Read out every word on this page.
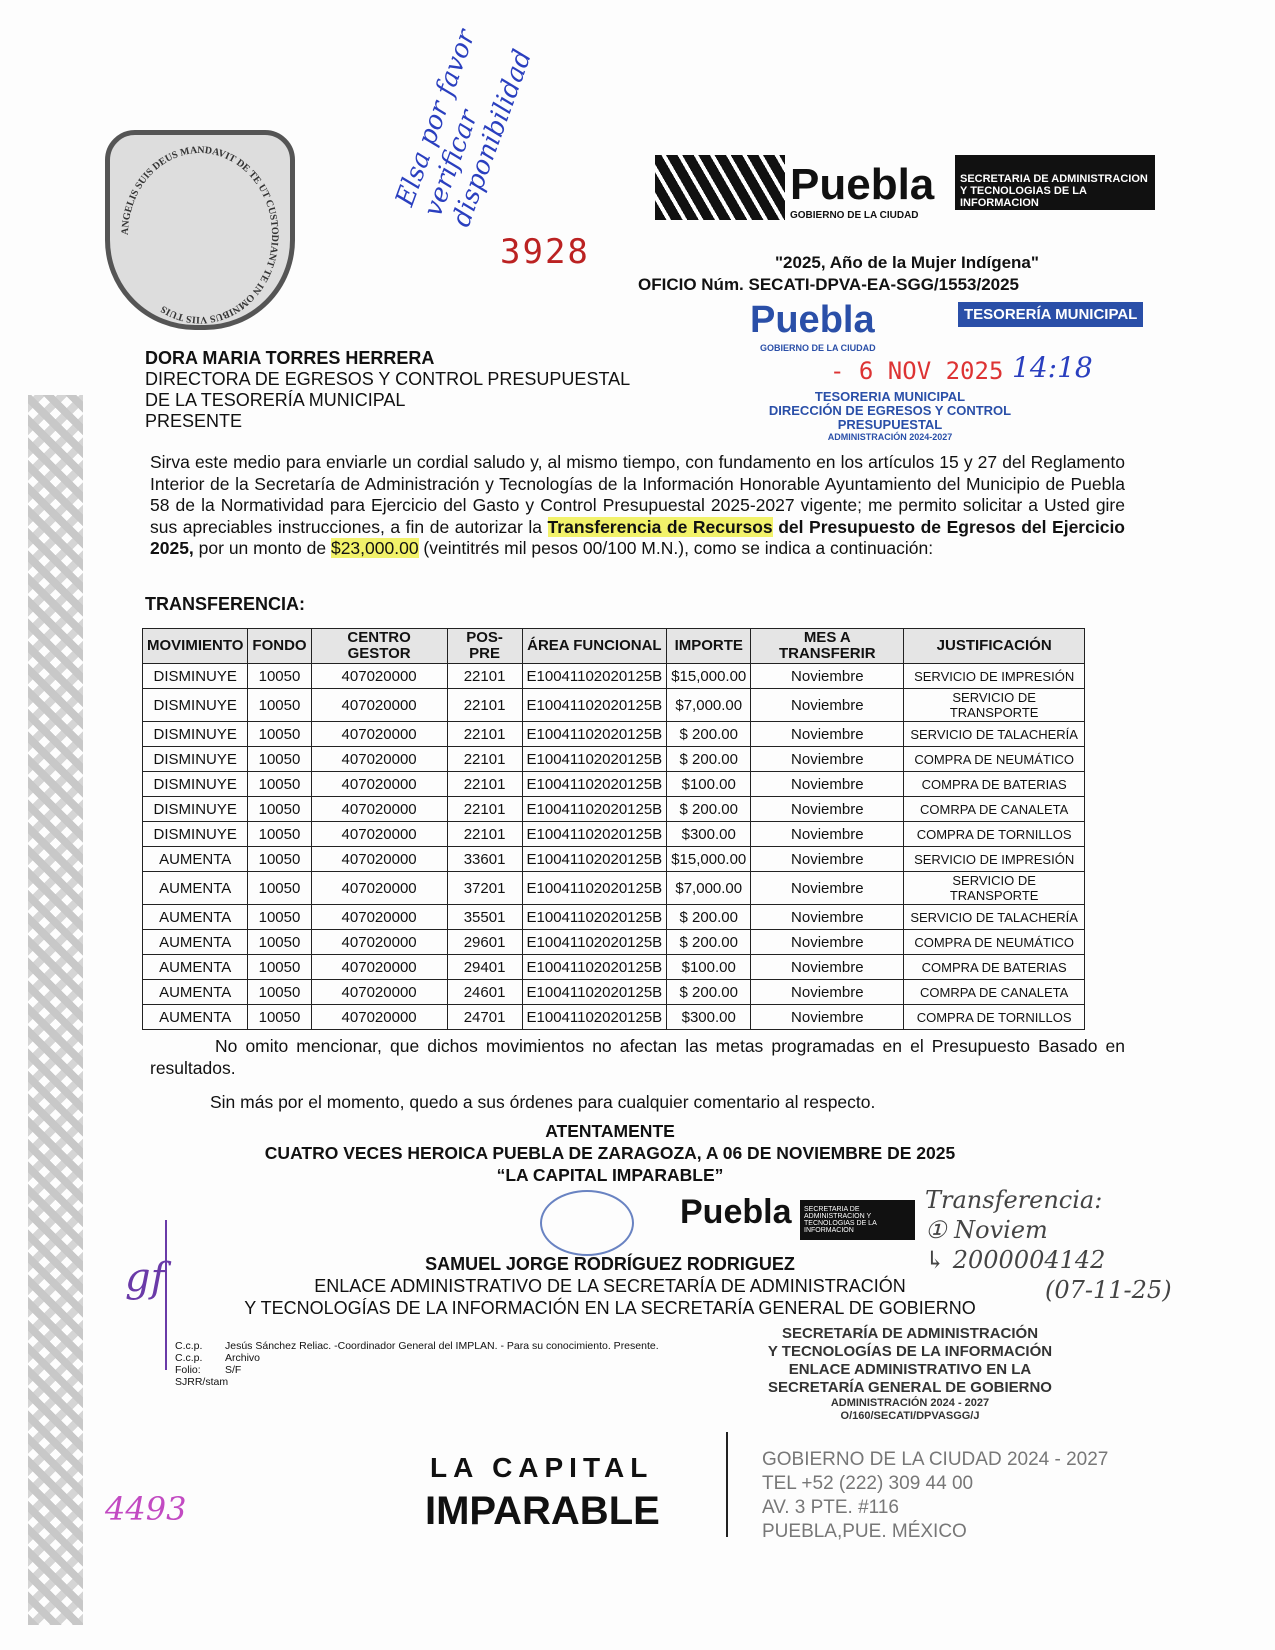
ANGELIS SUIS DEUS MANDAVIT DE TE UT CUSTODIANT TE IN OMNIBUS VIIS TUIS
Elsa por favor verificar disponibilidad
3928
Puebla
GOBIERNO DE LA CIUDAD
SECRETARIA DE ADMINISTRACION Y TECNOLOGIAS DE LA INFORMACION
"2025, Año de la Mujer Indígena"
OFICIO Núm. SECATI-DPVA-EA-SGG/1553/2025
Puebla
GOBIERNO DE LA CIUDAD
TESORERÍA MUNICIPAL
- 6 NOV 2025 14:18
TESORERIA MUNICIPAL
DIRECCIÓN DE EGRESOS Y CONTROL
PRESUPUESTAL
ADMINISTRACIÓN 2024-2027
DORA MARIA TORRES HERRERA
DIRECTORA DE EGRESOS Y CONTROL PRESUPUESTAL
DE LA TESORERÍA MUNICIPAL
PRESENTE
Sirva este medio para enviarle un cordial saludo y, al mismo tiempo, con fundamento en los artículos 15 y 27 del Reglamento Interior de la Secretaría de Administración y Tecnologías de la Información Honorable Ayuntamiento del Municipio de Puebla 58 de la Normatividad para Ejercicio del Gasto y Control Presupuestal 2025-2027 vigente; me permito solicitar a Usted gire sus apreciables instrucciones, a fin de autorizar la Transferencia de Recursos del Presupuesto de Egresos del Ejercicio 2025, por un monto de $23,000.00 (veintitrés mil pesos 00/100 M.N.), como se indica a continuación:
TRANSFERENCIA:
MOVIMIENTO	FONDO	CENTRO GESTOR	POS-PRE	ÁREA FUNCIONAL	IMPORTE	MES A TRANSFERIR	JUSTIFICACIÓN
DISMINUYE	10050	407020000	22101	E10041102020125B	$15,000.00	Noviembre	SERVICIO DE IMPRESIÓN
DISMINUYE	10050	407020000	22101	E10041102020125B	$7,000.00	Noviembre	SERVICIO DE TRANSPORTE
DISMINUYE	10050	407020000	22101	E10041102020125B	$ 200.00	Noviembre	SERVICIO DE TALACHERÍA
DISMINUYE	10050	407020000	22101	E10041102020125B	$ 200.00	Noviembre	COMPRA DE NEUMÁTICO
DISMINUYE	10050	407020000	22101	E10041102020125B	$100.00	Noviembre	COMPRA DE BATERIAS
DISMINUYE	10050	407020000	22101	E10041102020125B	$ 200.00	Noviembre	COMRPA DE CANALETA
DISMINUYE	10050	407020000	22101	E10041102020125B	$300.00	Noviembre	COMPRA DE TORNILLOS
AUMENTA	10050	407020000	33601	E10041102020125B	$15,000.00	Noviembre	SERVICIO DE IMPRESIÓN
AUMENTA	10050	407020000	37201	E10041102020125B	$7,000.00	Noviembre	SERVICIO DE TRANSPORTE
AUMENTA	10050	407020000	35501	E10041102020125B	$ 200.00	Noviembre	SERVICIO DE TALACHERÍA
AUMENTA	10050	407020000	29601	E10041102020125B	$ 200.00	Noviembre	COMPRA DE NEUMÁTICO
AUMENTA	10050	407020000	29401	E10041102020125B	$100.00	Noviembre	COMPRA DE BATERIAS
AUMENTA	10050	407020000	24601	E10041102020125B	$ 200.00	Noviembre	COMRPA DE CANALETA
AUMENTA	10050	407020000	24701	E10041102020125B	$300.00	Noviembre	COMPRA DE TORNILLOS
No omito mencionar, que dichos movimientos no afectan las metas programadas en el Presupuesto Basado en resultados.
Sin más por el momento, quedo a sus órdenes para cualquier comentario al respecto.
ATENTAMENTE
CUATRO VECES HEROICA PUEBLA DE ZARAGOZA, A 06 DE NOVIEMBRE DE 2025
“LA CAPITAL IMPARABLE”
Puebla	SECRETARIA DE ADMINISTRACION Y TECNOLOGIAS DE LA INFORMACION
SAMUEL JORGE RODRÍGUEZ RODRIGUEZ
ENLACE ADMINISTRATIVO DE LA SECRETARÍA DE ADMINISTRACIÓN
Y TECNOLOGÍAS DE LA INFORMACIÓN EN LA SECRETARÍA GENERAL DE GOBIERNO
SECRETARÍA DE ADMINISTRACIÓN
Y TECNOLOGÍAS DE LA INFORMACIÓN
ENLACE ADMINISTRATIVO EN LA
SECRETARÍA GENERAL DE GOBIERNO
ADMINISTRACIÓN 2024 - 2027
O/160/SECATI/DPVASGG/J
Transferencia:
① Noviem
↳ 2000004142
(07-11-25)
gf
C.c.p. Jesús Sánchez Reliac. -Coordinador General del IMPLAN. - Para su conocimiento. Presente.
C.c.p. Archivo
Folio: S/F
SJRR/stam
LA CAPITAL
IMPARABLE
GOBIERNO DE LA CIUDAD 2024 - 2027
TEL +52 (222) 309 44 00
AV. 3 PTE. #116
PUEBLA,PUE. MÉXICO
4493
